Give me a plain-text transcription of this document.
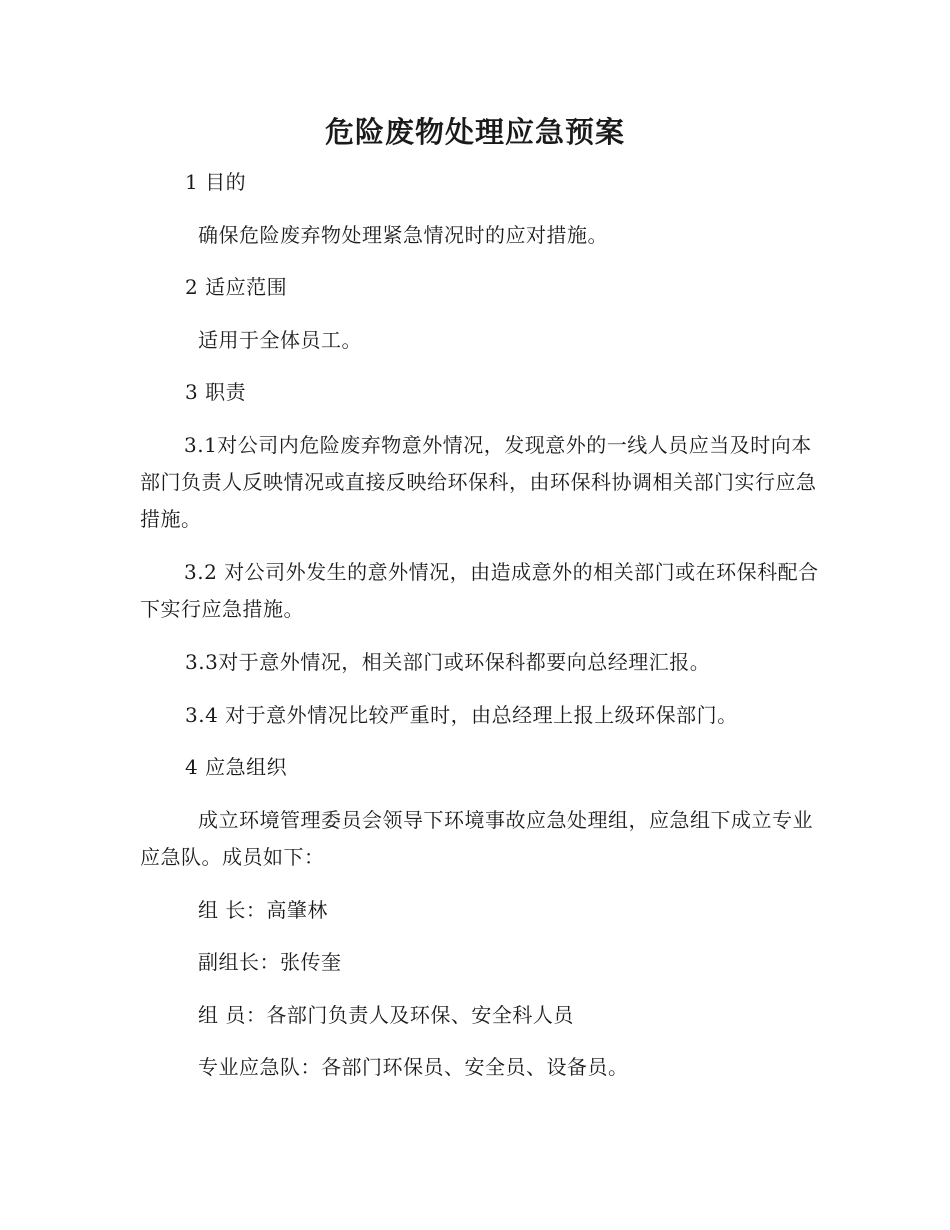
危险废物处理应急预案

1 目的

确保危险废弃物处理紧急情况时的应对措施。

2 适应范围

适用于全体员工。

3 职责

3.1对公司内危险废弃物意外情况，发现意外的一线人员应当及时向本部门负责人反映情况或直接反映给环保科，由环保科协调相关部门实行应急措施。

3.2 对公司外发生的意外情况，由造成意外的相关部门或在环保科配合下实行应急措施。

3.3对于意外情况，相关部门或环保科都要向总经理汇报。

3.4 对于意外情况比较严重时，由总经理上报上级环保部门。

4 应急组织

成立环境管理委员会领导下环境事故应急处理组，应急组下成立专业应急队。成员如下：

组 长：高肇林

副组长：张传奎

组 员：各部门负责人及环保、安全科人员

专业应急队：各部门环保员、安全员、设备员。
